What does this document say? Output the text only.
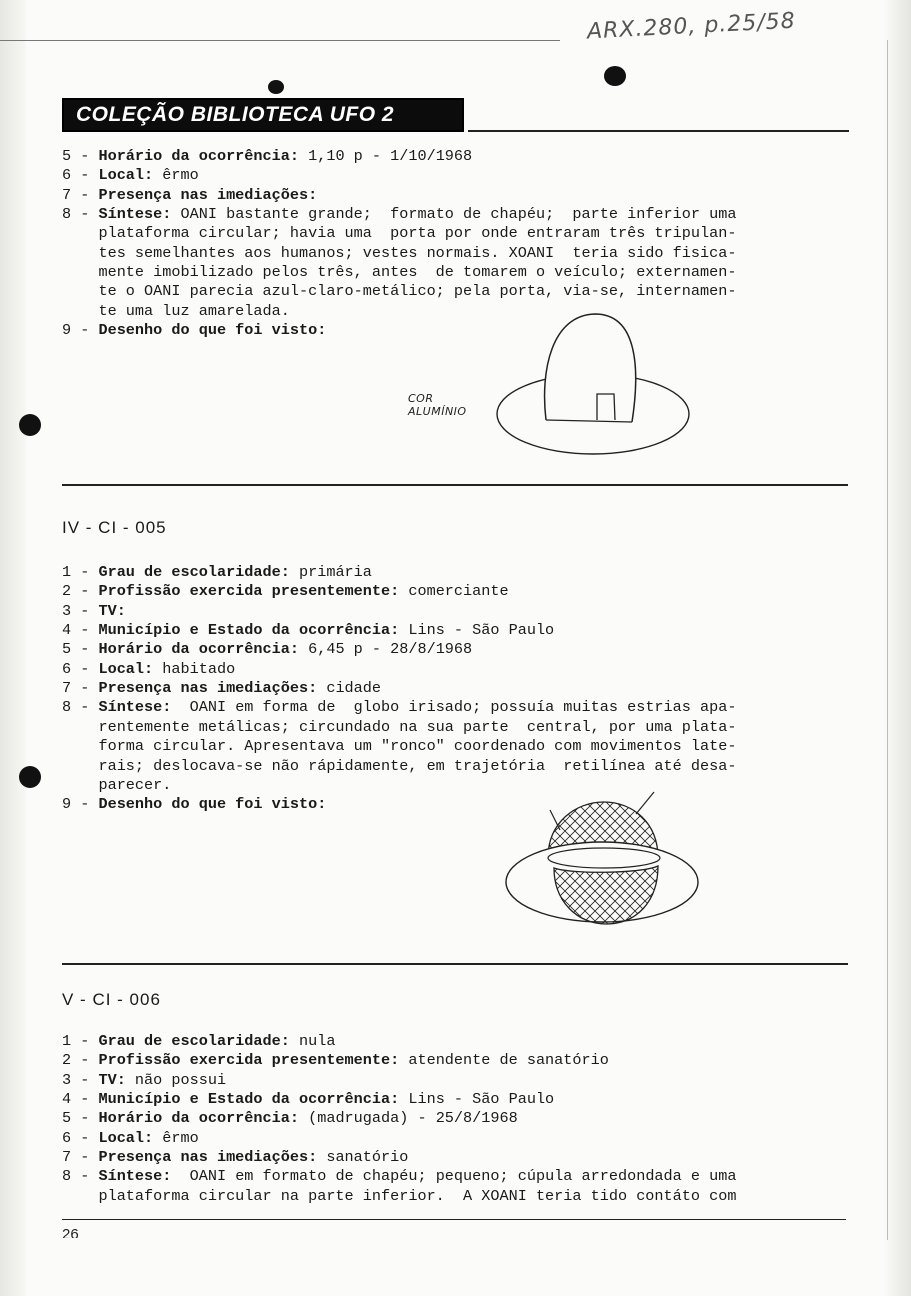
ARX.280, p.25/58
COLEÇÃO BIBLIOTECA UFO 2
5 - Horário da ocorrência: 1,10 p - 1/10/1968
6 - Local: êrmo
7 - Presença nas imediações:
8 - Síntese: OANI bastante grande;  formato de chapéu;  parte inferior uma
plataforma circular; havia uma  porta por onde entraram três tripulan-
tes semelhantes aos humanos; vestes normais. XOANI  teria sido fisica-
mente imobilizado pelos três, antes  de tomarem o veículo; externamen-
te o OANI parecia azul-claro-metálico; pela porta, via-se, internamen-
te uma luz amarelada.
9 - Desenho do que foi visto:
COR
ALUMÍNIO
IV - CI - 005
1 - Grau de escolaridade: primária
2 - Profissão exercida presentemente: comerciante
3 - TV:
4 - Município e Estado da ocorrência: Lins - São Paulo
5 - Horário da ocorrência: 6,45 p - 28/8/1968
6 - Local: habitado
7 - Presença nas imediações: cidade
8 - Síntese:  OANI em forma de  globo irisado; possuía muitas estrias apa-
rentemente metálicas; circundado na sua parte  central, por uma plata-
forma circular. Apresentava um "ronco" coordenado com movimentos late-
rais; deslocava-se não rápidamente, em trajetória  retilínea até desa-
parecer.
9 - Desenho do que foi visto:
V - CI - 006
1 - Grau de escolaridade: nula
2 - Profissão exercida presentemente: atendente de sanatório
3 - TV: não possui
4 - Município e Estado da ocorrência: Lins - São Paulo
5 - Horário da ocorrência: (madrugada) - 25/8/1968
6 - Local: êrmo
7 - Presença nas imediações: sanatório
8 - Síntese:  OANI em formato de chapéu; pequeno; cúpula arredondada e uma
plataforma circular na parte inferior.  A XOANI teria tido contáto com
26
